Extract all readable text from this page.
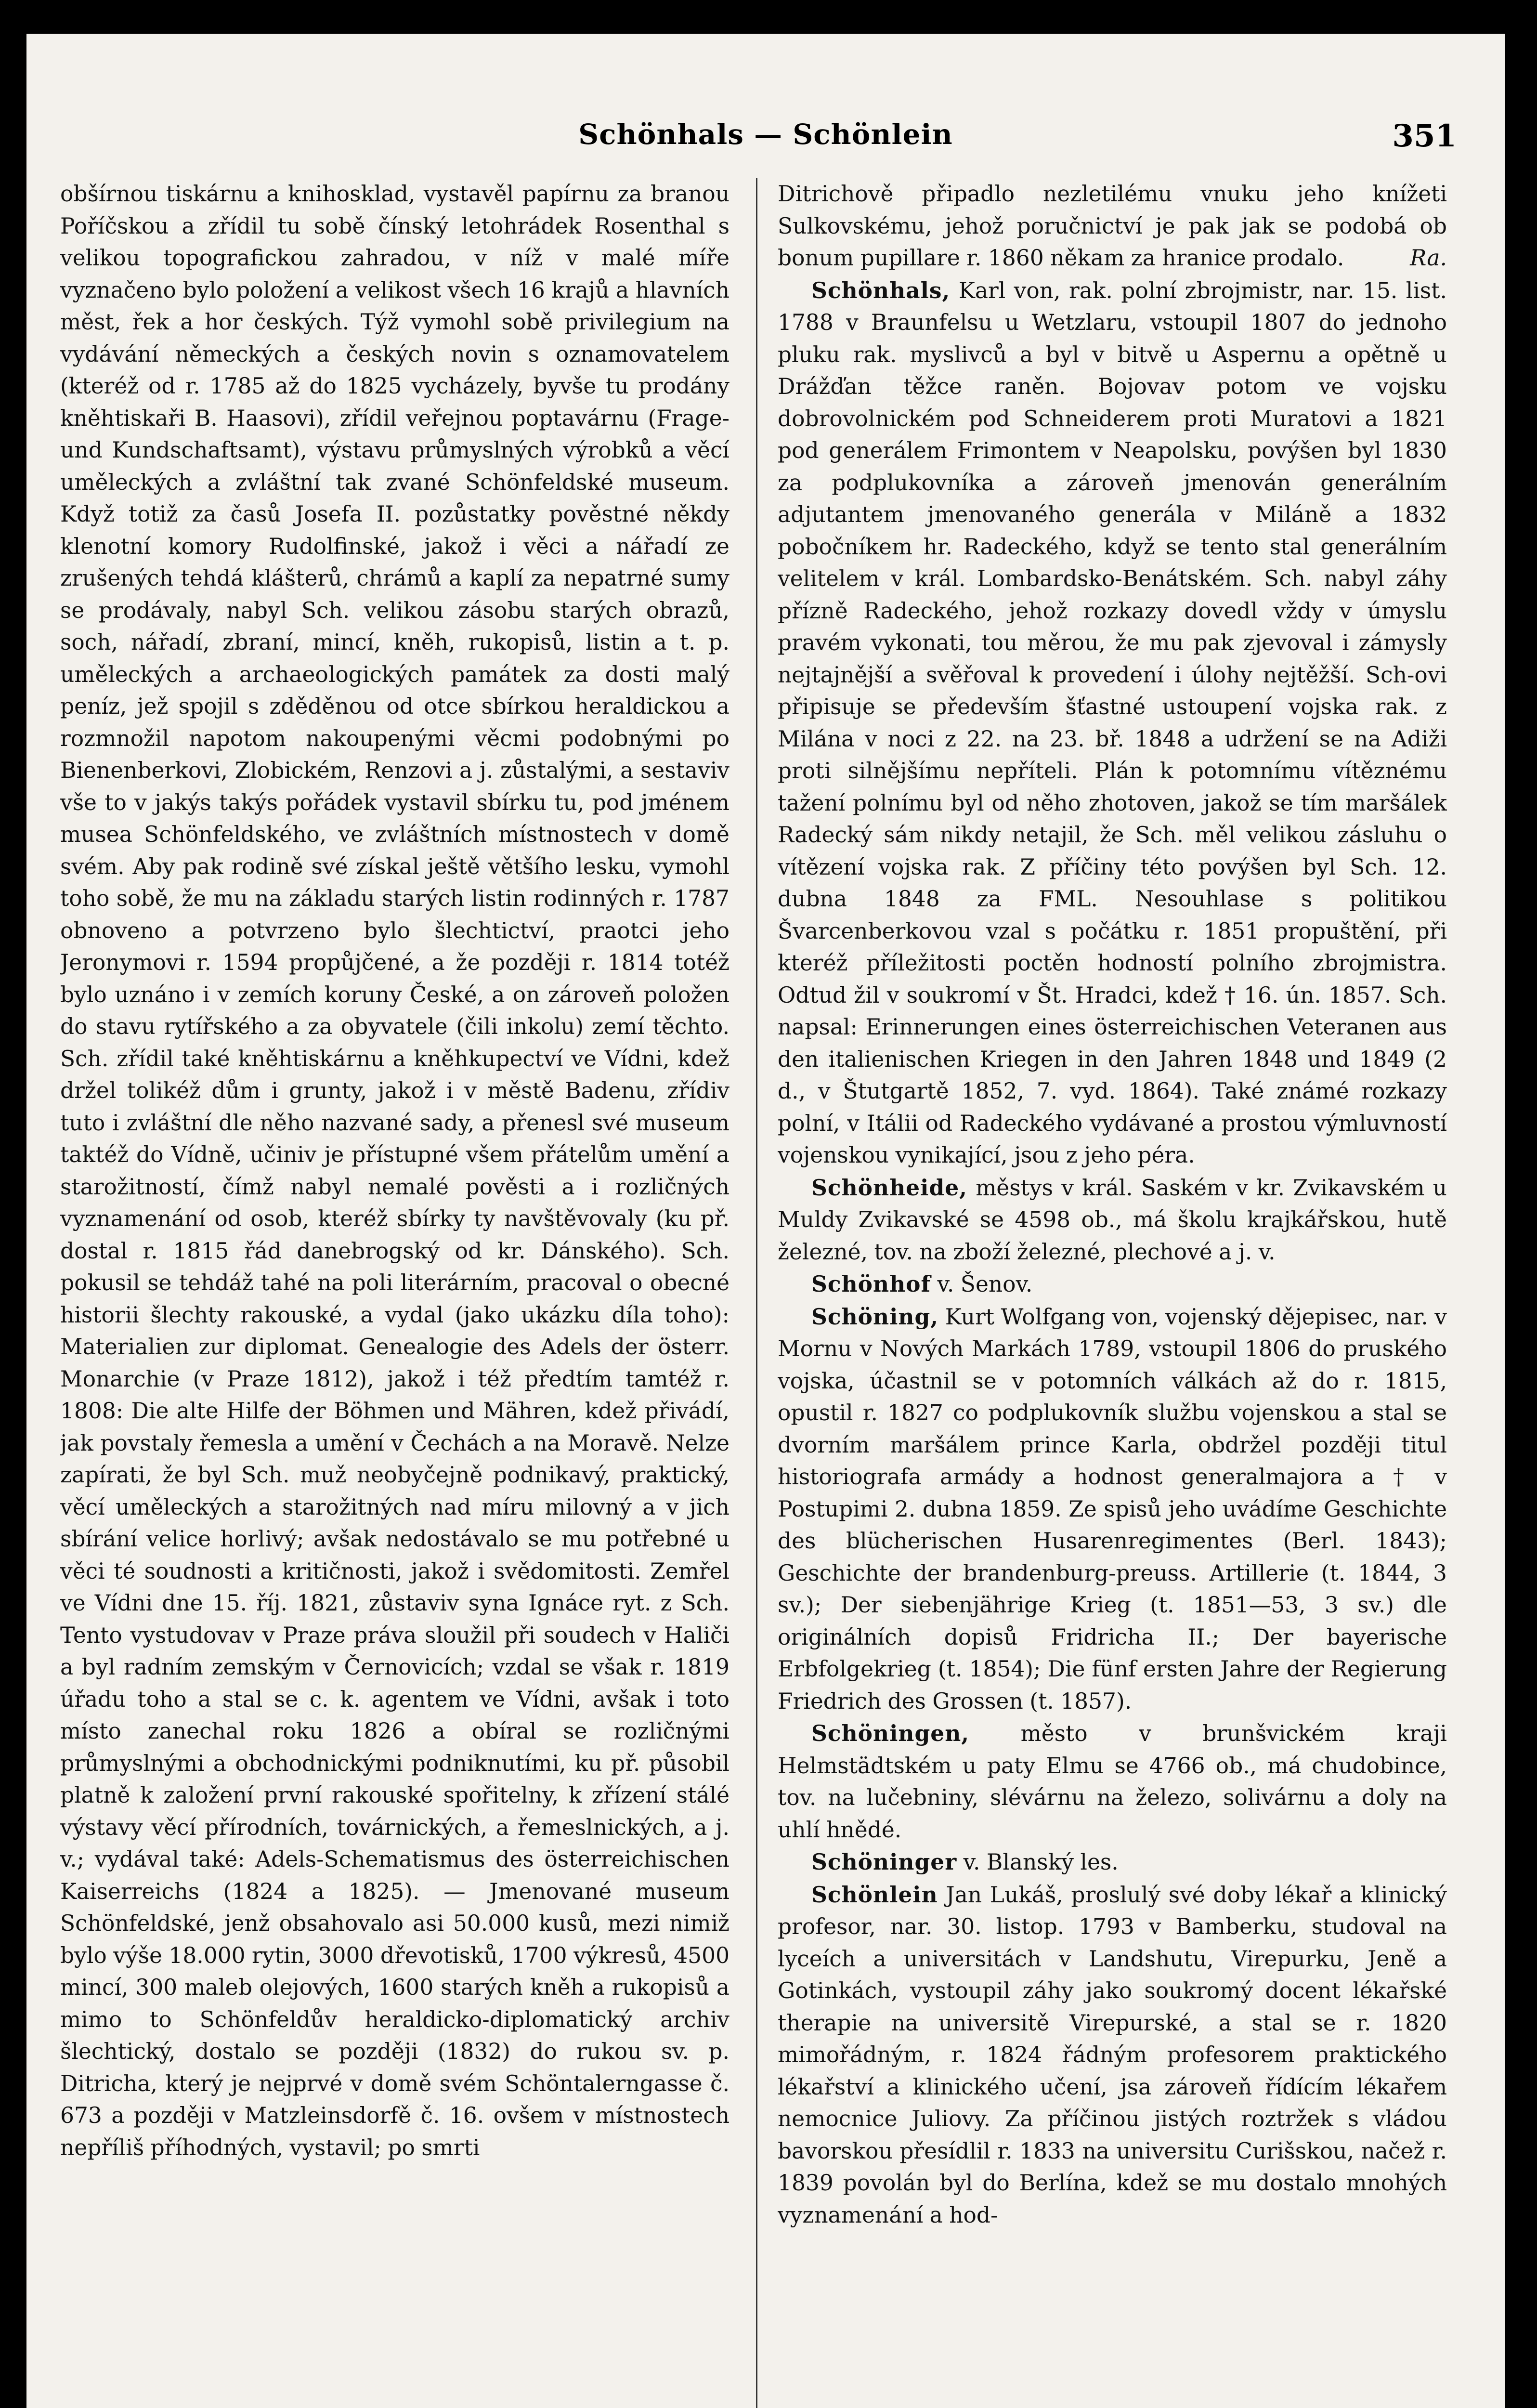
Schönhals — Schönlein	351

obšírnou tiskárnu a knihosklad, vystavěl papírnu za branou Poříčskou a zřídil tu sobě čínský letohrádek Rosenthal s velikou topografickou zahradou, v níž v malé míře vyznačeno bylo položení a velikost všech 16 krajů a hlavních měst, řek a hor českých. Týž vymohl sobě privilegium na vydávání německých a českých novin s oznamovatelem (kteréž od r. 1785 až do 1825 vycházely, byvše tu prodány kněhtiskaři B. Haasovi), zřídil veřejnou poptavárnu (Frage- und Kundschaftsamt), výstavu průmyslných výrobků a věcí uměleckých a zvláštní tak zvané Schönfeldské museum. Když totiž za časů Josefa II. pozůstatky pověstné někdy klenotní komory Rudolfinské, jakož i věci a nářadí ze zrušených tehdá klášterů, chrámů a kaplí za nepatrné sumy se prodávaly, nabyl Sch. velikou zásobu starých obrazů, soch, nářadí, zbraní, mincí, kněh, rukopisů, listin a t. p. uměleckých a archaeologických památek za dosti malý peníz, jež spojil s zděděnou od otce sbírkou heraldickou a rozmnožil napotom nakoupenými věcmi podobnými po Bienenberkovi, Zlobickém, Renzovi a j. zůstalými, a sestaviv vše to v jakýs takýs pořádek vystavil sbírku tu, pod jménem musea Schönfeldského, ve zvláštních místnostech v domě svém. Aby pak rodině své získal ještě většího lesku, vymohl toho sobě, že mu na základu starých listin rodinných r. 1787 obnoveno a potvrzeno bylo šlechtictví, praotci jeho Jeronymovi r. 1594 propůjčené, a že později r. 1814 totéž bylo uznáno i v zemích koruny České, a on zároveň položen do stavu rytířského a za obyvatele (čili inkolu) zemí těchto. Sch. zřídil také kněhtiskárnu a kněhkupectví ve Vídni, kdež držel tolikéž dům i grunty, jakož i v městě Badenu, zřídiv tuto i zvláštní dle něho nazvané sady, a přenesl své museum taktéž do Vídně, učiniv je přístupné všem přátelům umění a starožitností, čímž nabyl nemalé pověsti a i rozličných vyznamenání od osob, kteréž sbírky ty navštěvovaly (ku př. dostal r. 1815 řád danebrogský od kr. Dánského). Sch. pokusil se tehdáž tahé na poli literárním, pracoval o obecné historii šlechty rakouské, a vydal (jako ukázku díla toho): Materialien zur diplomat. Genealogie des Adels der österr. Monarchie (v Praze 1812), jakož i též předtím tamtéž r. 1808: Die alte Hilfe der Böhmen und Mähren, kdež přivádí, jak povstaly řemesla a umění v Čechách a na Moravě. Nelze zapírati, že byl Sch. muž neobyčejně podnikavý, praktický, věcí uměleckých a starožitných nad míru milovný a v jich sbírání velice horlivý; avšak nedostávalo se mu potřebné u věci té soudnosti a kritičnosti, jakož i svědomitosti. Zemřel ve Vídni dne 15. říj. 1821, zůstaviv syna Ignáce ryt. z Sch. Tento vystudovav v Praze práva sloužil při soudech v Haliči a byl radním zemským v Černovicích; vzdal se však r. 1819 úřadu toho a stal se c. k. agentem ve Vídni, avšak i toto místo zanechal roku 1826 a obíral se rozličnými průmyslnými a obchodnickými podniknutími, ku př. působil platně k založení první rakouské spořitelny, k zřízení stálé výstavy věcí přírodních, továrnických, a řemeslnických, a j. v.; vydával také: Adels-Schematismus des österreichischen Kaiserreichs (1824 a 1825). — Jmenované museum Schönfeldské, jenž obsahovalo asi 50.000 kusů, mezi nimiž bylo výše 18.000 rytin, 3000 dřevotisků, 1700 výkresů, 4500 mincí, 300 maleb olejových, 1600 starých kněh a rukopisů a mimo to Schönfeldův heraldicko-diplomatický archiv šlechtický, dostalo se později (1832) do rukou sv. p. Ditricha, který je nejprvé v domě svém Schöntalerngasse č. 673 a později v Matzleinsdorfě č. 16. ovšem v místnostech nepříliš příhodných, vystavil; po smrti

Ditrichově připadlo nezletilému vnuku jeho knížeti Sulkovskému, jehož poručnictví je pak jak se podobá ob bonum pupillare r. 1860 někam za hranice prodalo.	Ra.

Schönhals, Karl von, rak. polní zbrojmistr, nar. 15. list. 1788 v Braunfelsu u Wetzlaru, vstoupil 1807 do jednoho pluku rak. myslivců a byl v bitvě u Aspernu a opětně u Drážďan těžce raněn. Bojovav potom ve vojsku dobrovolnickém pod Schneiderem proti Muratovi a 1821 pod generálem Frimontem v Neapolsku, povýšen byl 1830 za podplukovníka a zároveň jmenován generálním adjutantem jmenovaného generála v Miláně a 1832 pobočníkem hr. Radeckého, když se tento stal generálním velitelem v král. Lombardsko-Benátském. Sch. nabyl záhy přízně Radeckého, jehož rozkazy dovedl vždy v úmyslu pravém vykonati, tou měrou, že mu pak zjevoval i zámysly nejtajnější a svěřoval k provedení i úlohy nejtěžší. Sch-ovi připisuje se především šťastné ustoupení vojska rak. z Milána v noci z 22. na 23. bř. 1848 a udržení se na Adiži proti silnějšímu nepříteli. Plán k potomnímu vítěznému tažení polnímu byl od něho zhotoven, jakož se tím maršálek Radecký sám nikdy netajil, že Sch. měl velikou zásluhu o vítězení vojska rak. Z příčiny této povýšen byl Sch. 12. dubna 1848 za FML. Nesouhlase s politikou Švarcenberkovou vzal s počátku r. 1851 propuštění, při kteréž příležitosti poctěn hodností polního zbrojmistra. Odtud žil v soukromí v Št. Hradci, kdež † 16. ún. 1857. Sch. napsal: Erinnerungen eines österreichischen Veteranen aus den italienischen Kriegen in den Jahren 1848 und 1849 (2 d., v Štutgartě 1852, 7. vyd. 1864). Také známé rozkazy polní, v Itálii od Radeckého vydávané a prostou výmluvností vojenskou vynikající, jsou z jeho péra.

Schönheide, městys v král. Saském v kr. Zvikavském u Muldy Zvikavské se 4598 ob., má školu krajkářskou, hutě železné, tov. na zboží železné, plechové a j. v.

Schönhof v. Šenov.

Schöning, Kurt Wolfgang von, vojenský dějepisec, nar. v Mornu v Nových Markách 1789, vstoupil 1806 do pruského vojska, účastnil se v potomních válkách až do r. 1815, opustil r. 1827 co podplukovník službu vojenskou a stal se dvorním maršálem prince Karla, obdržel později titul historiografa armády a hodnost generalmajora a † v Postupimi 2. dubna 1859. Ze spisů jeho uvádíme Geschichte des blücherischen Husarenregimentes (Berl. 1843); Geschichte der brandenburg-preuss. Artillerie (t. 1844, 3 sv.); Der siebenjährige Krieg (t. 1851—53, 3 sv.) dle originálních dopisů Fridricha II.; Der bayerische Erbfolgekrieg (t. 1854); Die fünf ersten Jahre der Regierung Friedrich des Grossen (t. 1857).

Schöningen, město v brunšvickém kraji Helmstädtském u paty Elmu se 4766 ob., má chudobince, tov. na lučebniny, slévárnu na železo, solivárnu a doly na uhlí hnědé.

Schöninger v. Blanský les.

Schönlein Jan Lukáš, proslulý své doby lékař a klinický profesor, nar. 30. listop. 1793 v Bamberku, studoval na lyceích a universitách v Landshutu, Virepurku, Jeně a Gotinkách, vystoupil záhy jako soukromý docent lékařské therapie na universitě Virepurské, a stal se r. 1820 mimořádným, r. 1824 řádným profesorem praktického lékařství a klinického učení, jsa zároveň řídícím lékařem nemocnice Juliovy. Za příčinou jistých roztržek s vládou bavorskou přesídlil r. 1833 na universitu Curišskou, načež r. 1839 povolán byl do Berlína, kdež se mu dostalo mnohých vyznamenání a hod-
